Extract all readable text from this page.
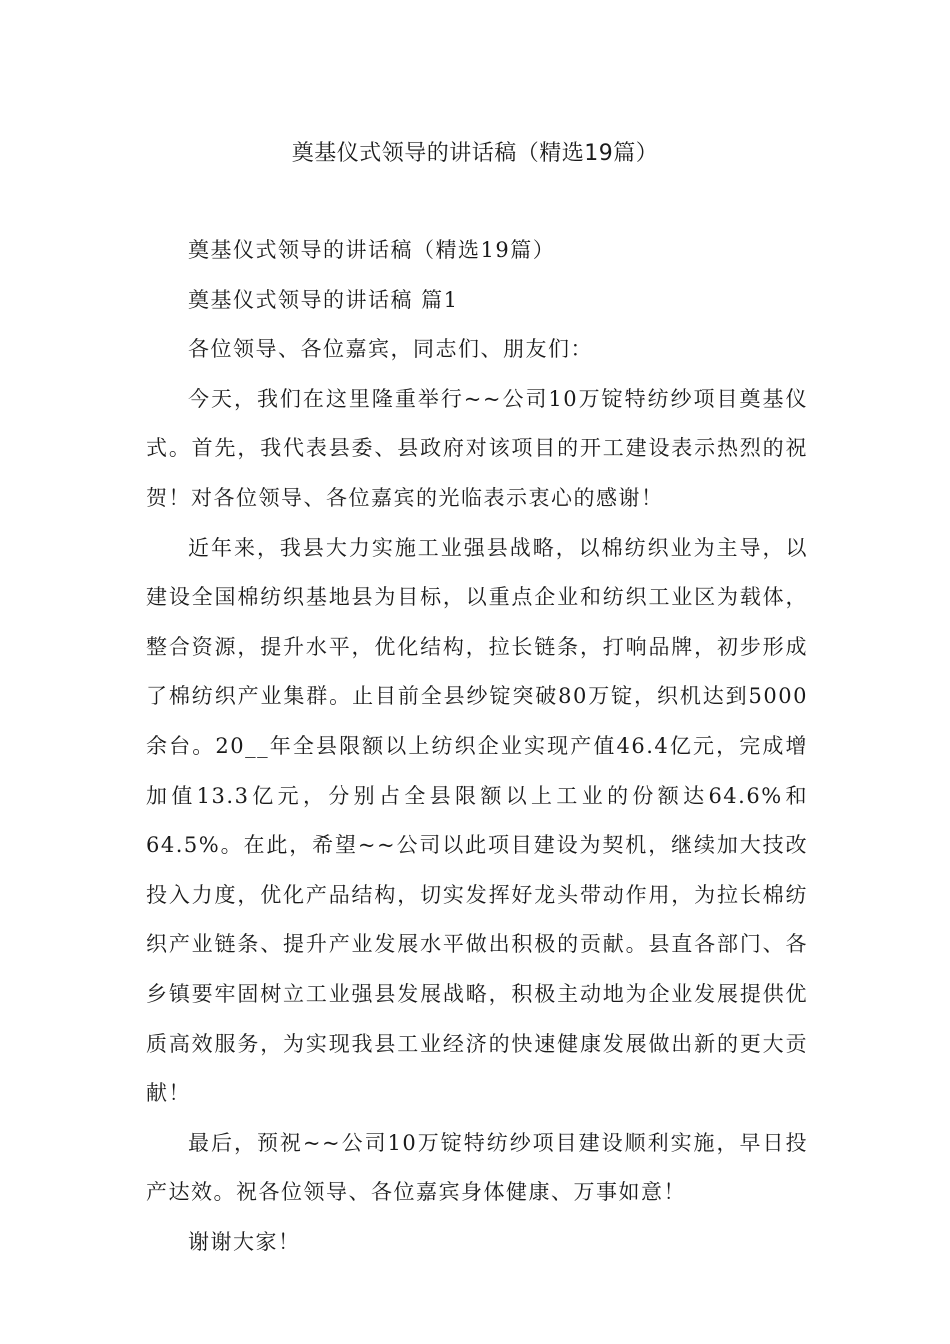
奠基仪式领导的讲话稿（精选19篇）

奠基仪式领导的讲话稿（精选19篇）

奠基仪式领导的讲话稿 篇1

各位领导、各位嘉宾，同志们、朋友们：

今天，我们在这里隆重举行~~公司10万锭特纺纱项目奠基仪式。首先，我代表县委、县政府对该项目的开工建设表示热烈的祝贺！对各位领导、各位嘉宾的光临表示衷心的感谢！

近年来，我县大力实施工业强县战略，以棉纺织业为主导，以建设全国棉纺织基地县为目标，以重点企业和纺织工业区为载体，整合资源，提升水平，优化结构，拉长链条，打响品牌，初步形成了棉纺织产业集群。止目前全县纱锭突破80万锭，织机达到5000余台。20__年全县限额以上纺织企业实现产值46.4亿元，完成增加值13.3亿元，分别占全县限额以上工业的份额达64.6%和64.5%。在此，希望~~公司以此项目建设为契机，继续加大技改投入力度，优化产品结构，切实发挥好龙头带动作用，为拉长棉纺织产业链条、提升产业发展水平做出积极的贡献。县直各部门、各乡镇要牢固树立工业强县发展战略，积极主动地为企业发展提供优质高效服务，为实现我县工业经济的快速健康发展做出新的更大贡献！

最后，预祝~~公司10万锭特纺纱项目建设顺利实施，早日投产达效。祝各位领导、各位嘉宾身体健康、万事如意！

谢谢大家！
